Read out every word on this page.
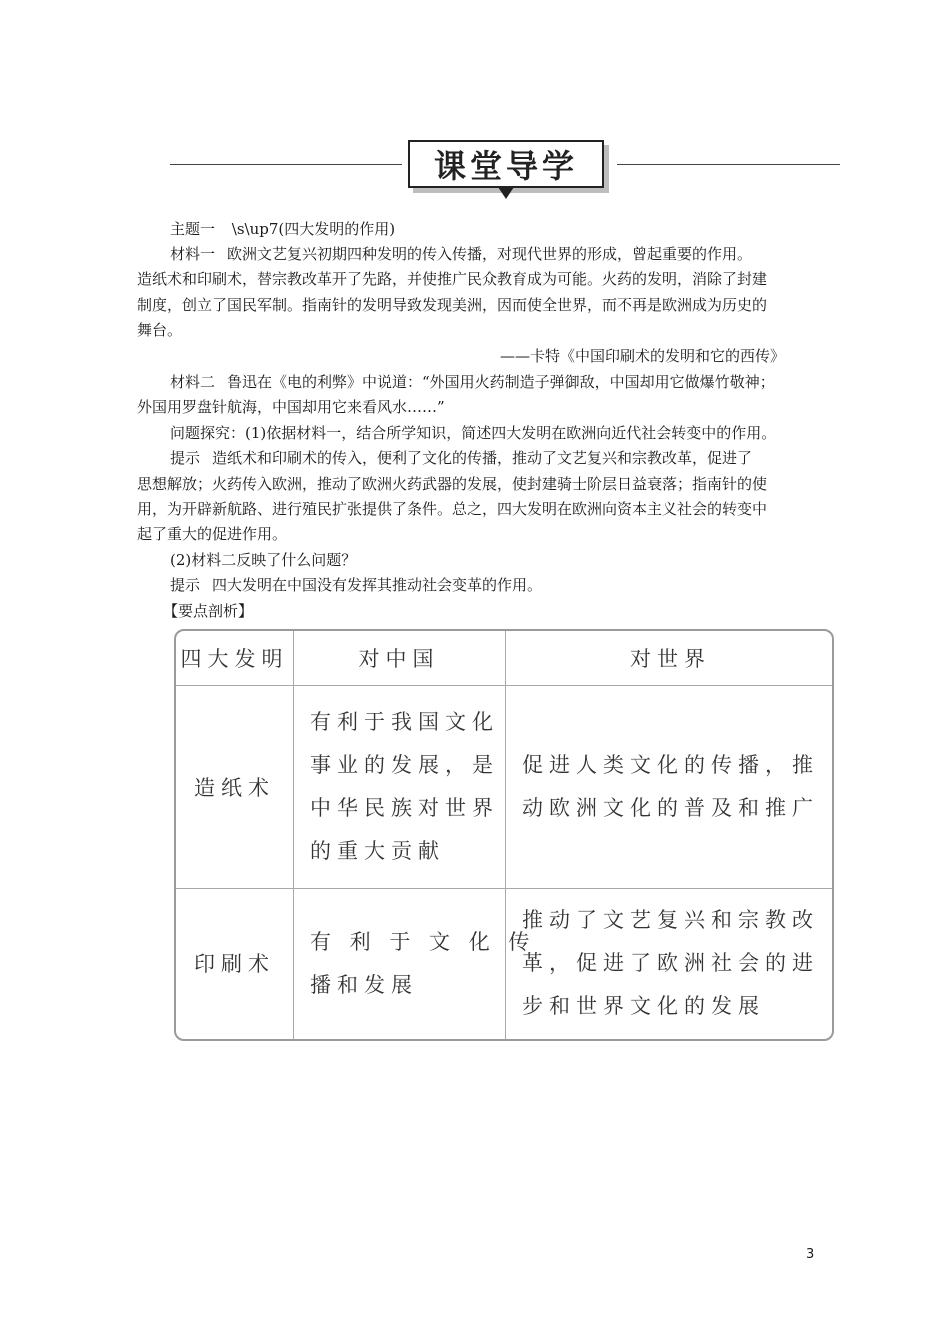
课堂导学
主题一 \s\up7(四大发明的作用)
材料一 欧洲文艺复兴初期四种发明的传入传播，对现代世界的形成，曾起重要的作用。
造纸术和印刷术，替宗教改革开了先路，并使推广民众教育成为可能。火药的发明，消除了封建
制度，创立了国民军制。指南针的发明导致发现美洲，因而使全世界，而不再是欧洲成为历史的
舞台。
——卡特《中国印刷术的发明和它的西传》
材料二 鲁迅在《电的利弊》中说道：“外国用火药制造子弹御敌，中国却用它做爆竹敬神；
外国用罗盘针航海，中国却用它来看风水……”
问题探究：(1)依据材料一，结合所学知识，简述四大发明在欧洲向近代社会转变中的作用。
提示 造纸术和印刷术的传入，便利了文化的传播，推动了文艺复兴和宗教改革，促进了
思想解放；火药传入欧洲，推动了欧洲火药武器的发展，使封建骑士阶层日益衰落；指南针的使
用，为开辟新航路、进行殖民扩张提供了条件。总之，四大发明在欧洲向资本主义社会的转变中
起了重大的促进作用。
(2)材料二反映了什么问题？
提示 四大发明在中国没有发挥其推动社会变革的作用。
【要点剖析】
四大发明	对中国	对世界
造纸术
有利于我国文化
事业的发展，是
中华民族对世界
的重大贡献
促进人类文化的传播，推
动欧洲文化的普及和推广
印刷术
有 利 于 文 化 传
播和发展
推动了文艺复兴和宗教改
革，促进了欧洲社会的进
步和世界文化的发展
3
